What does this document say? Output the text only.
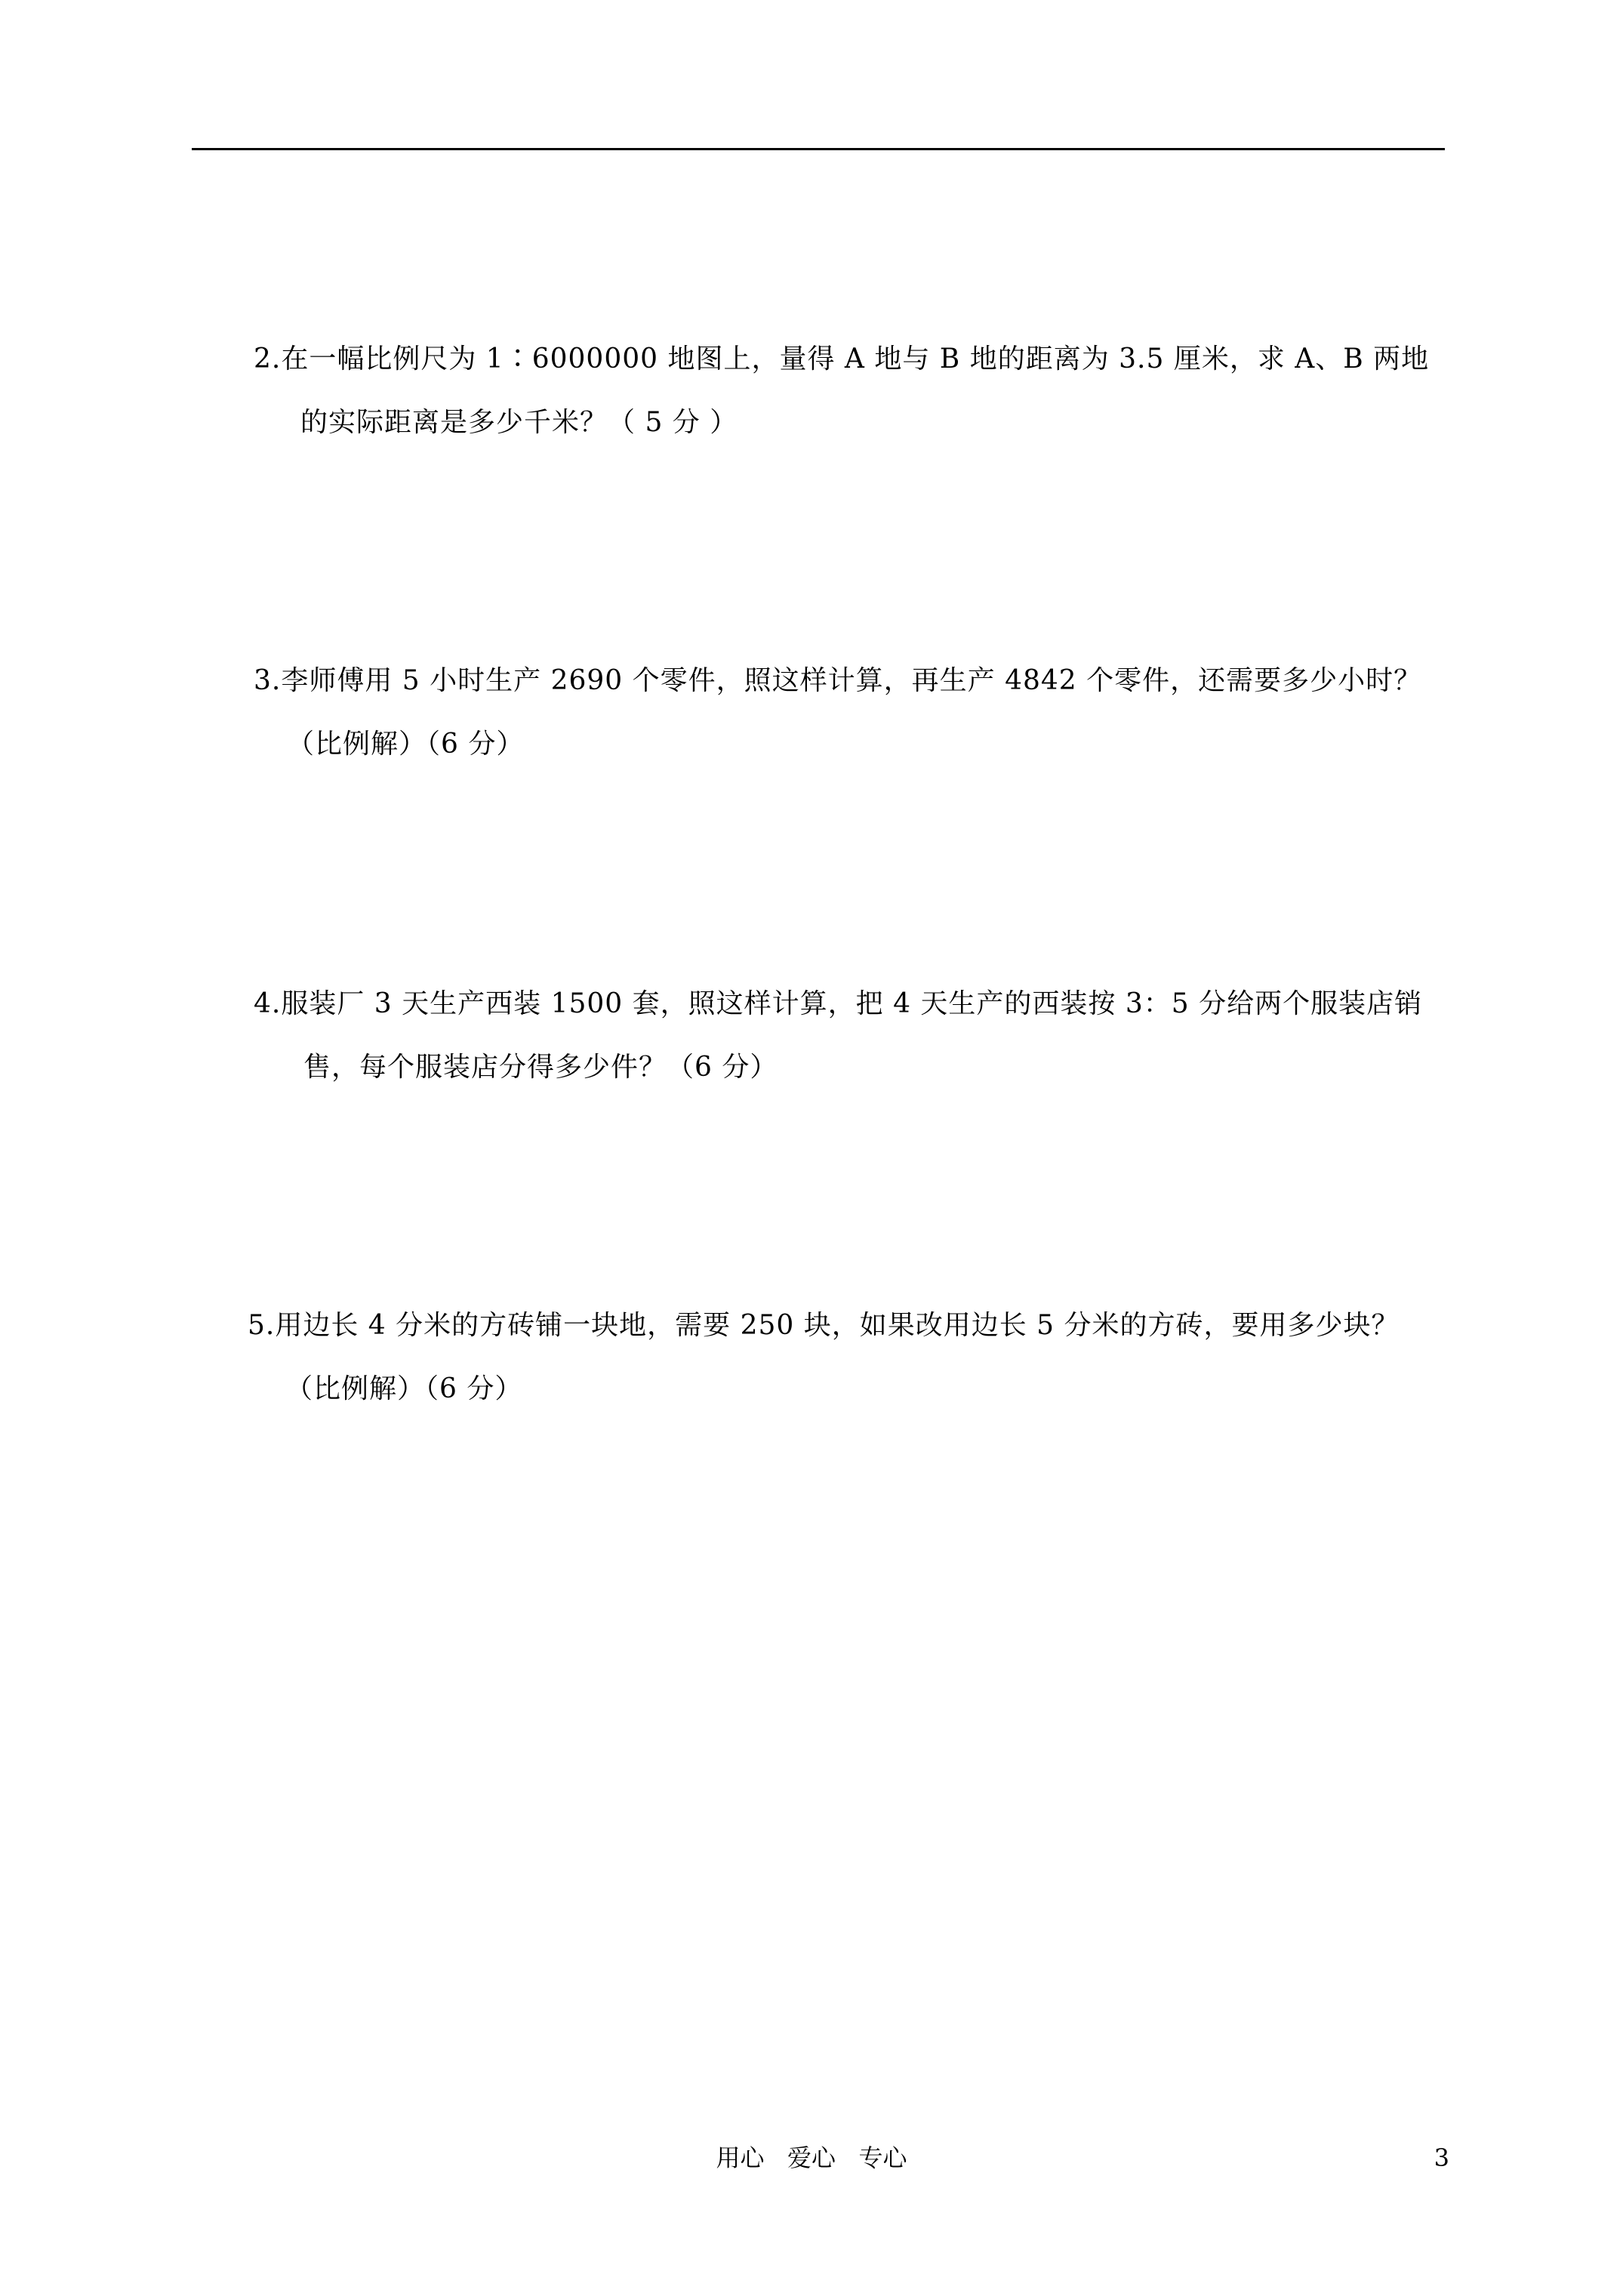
2.在一幅比例尺为 1∶6000000 地图上，量得 A 地与 B 地的距离为 3.5 厘米，求 A、B 两地
的实际距离是多少千米？（ 5 分 ）
3.李师傅用 5 小时生产 2690 个零件，照这样计算，再生产 4842 个零件，还需要多少小时？
（比例解）（6 分）
4.服装厂 3 天生产西装 1500 套，照这样计算，把 4 天生产的西装按 3：5 分给两个服装店销
售，每个服装店分得多少件？（6 分）
5.用边长 4 分米的方砖铺一块地，需要 250 块，如果改用边长 5 分米的方砖，要用多少块？
（比例解）（6 分）
用心   爱心   专心	3
